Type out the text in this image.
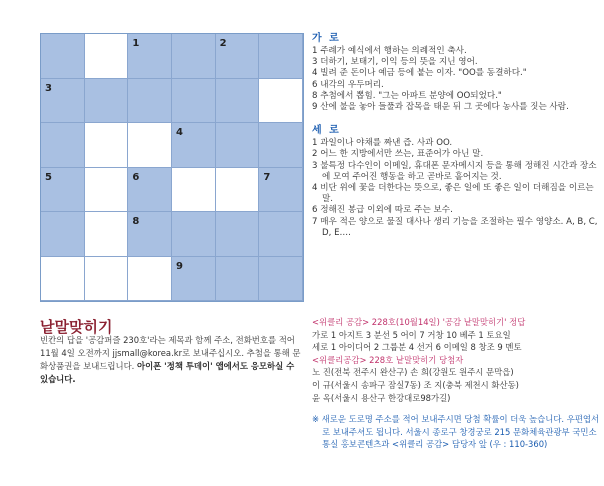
1	2
3
4
5	6	7
8
9
가 로
1 주례가 예식에서 행하는 의례적인 축사.
3 더하기, 보태기, 이익 등의 뜻을 지닌 영어.
4 빌려 준 돈이나 예금 등에 붙는 이자. "OO를 동결하다."
6 내각의 우두머리.
8 추첨에서 뽑힘. "그는 아파트 분양에 OO되었다."
9 산에 불을 놓아 들풀과 잡목을 태운 뒤 그 곳에다 농사를 짓는 사람.
세 로
1 과일이나 야채를 짜낸 즙. 사과 OO.
2 어느 한 지방에서만 쓰는, 표준어가 아닌 말.
3 불특정 다수인이 이메일, 휴대폰 문자메시지 등을 통해 정해진 시간과 장소에 모여 주어진 행동을 하고 곧바로 흩어지는 것.
4 비단 위에 꽃을 더한다는 뜻으로, 좋은 일에 또 좋은 일이 더해짐을 이르는 말.
6 정해진 봉급 이외에 따로 주는 보수.
7 매우 적은 양으로 물질 대사나 생리 기능을 조절하는 필수 영양소. A, B, C, D, E….
낱말맞히기
빈칸의 답을 '공감퍼즐 230호'라는 제목과 함께 주소, 전화번호를 적어 11월 4일 오전까지 jjsmall@korea.kr로 보내주십시오. 추첨을 통해 문화상품권을 보내드립니다. 아이폰 '정책 투데이' 앱에서도 응모하실 수 있습니다.
<위클리 공감> 228호(10월14일) '공감 낱말맞히기' 정답
가로 1 아지트 3 분선 5 어이 7 거창 10 베주 1 토요일
세로 1 아이디어 2 그룹분 4 선거 6 이메일 8 창조 9 멘토
<위클리공감> 228호 낱말맞히기 당첨자
노 진(전북 전주시 완산구) 손 희(강원도 원주시 문막읍)
이 규(서울시 송파구 잠실7동) 조 지(충북 제천시 화산동)
윤 옥(서울시 용산구 한강대로98가길)
※ 새로운 도로명 주소를 적어 보내주시면 당첨 확률이 더욱 높습니다. 우편엽서로 보내주셔도 됩니다. 서울시 종로구 창경궁로 215 문화체육관광부 국민소통실 홍보콘텐츠과 <위클리 공감> 담당자 앞 (우 : 110-360)
